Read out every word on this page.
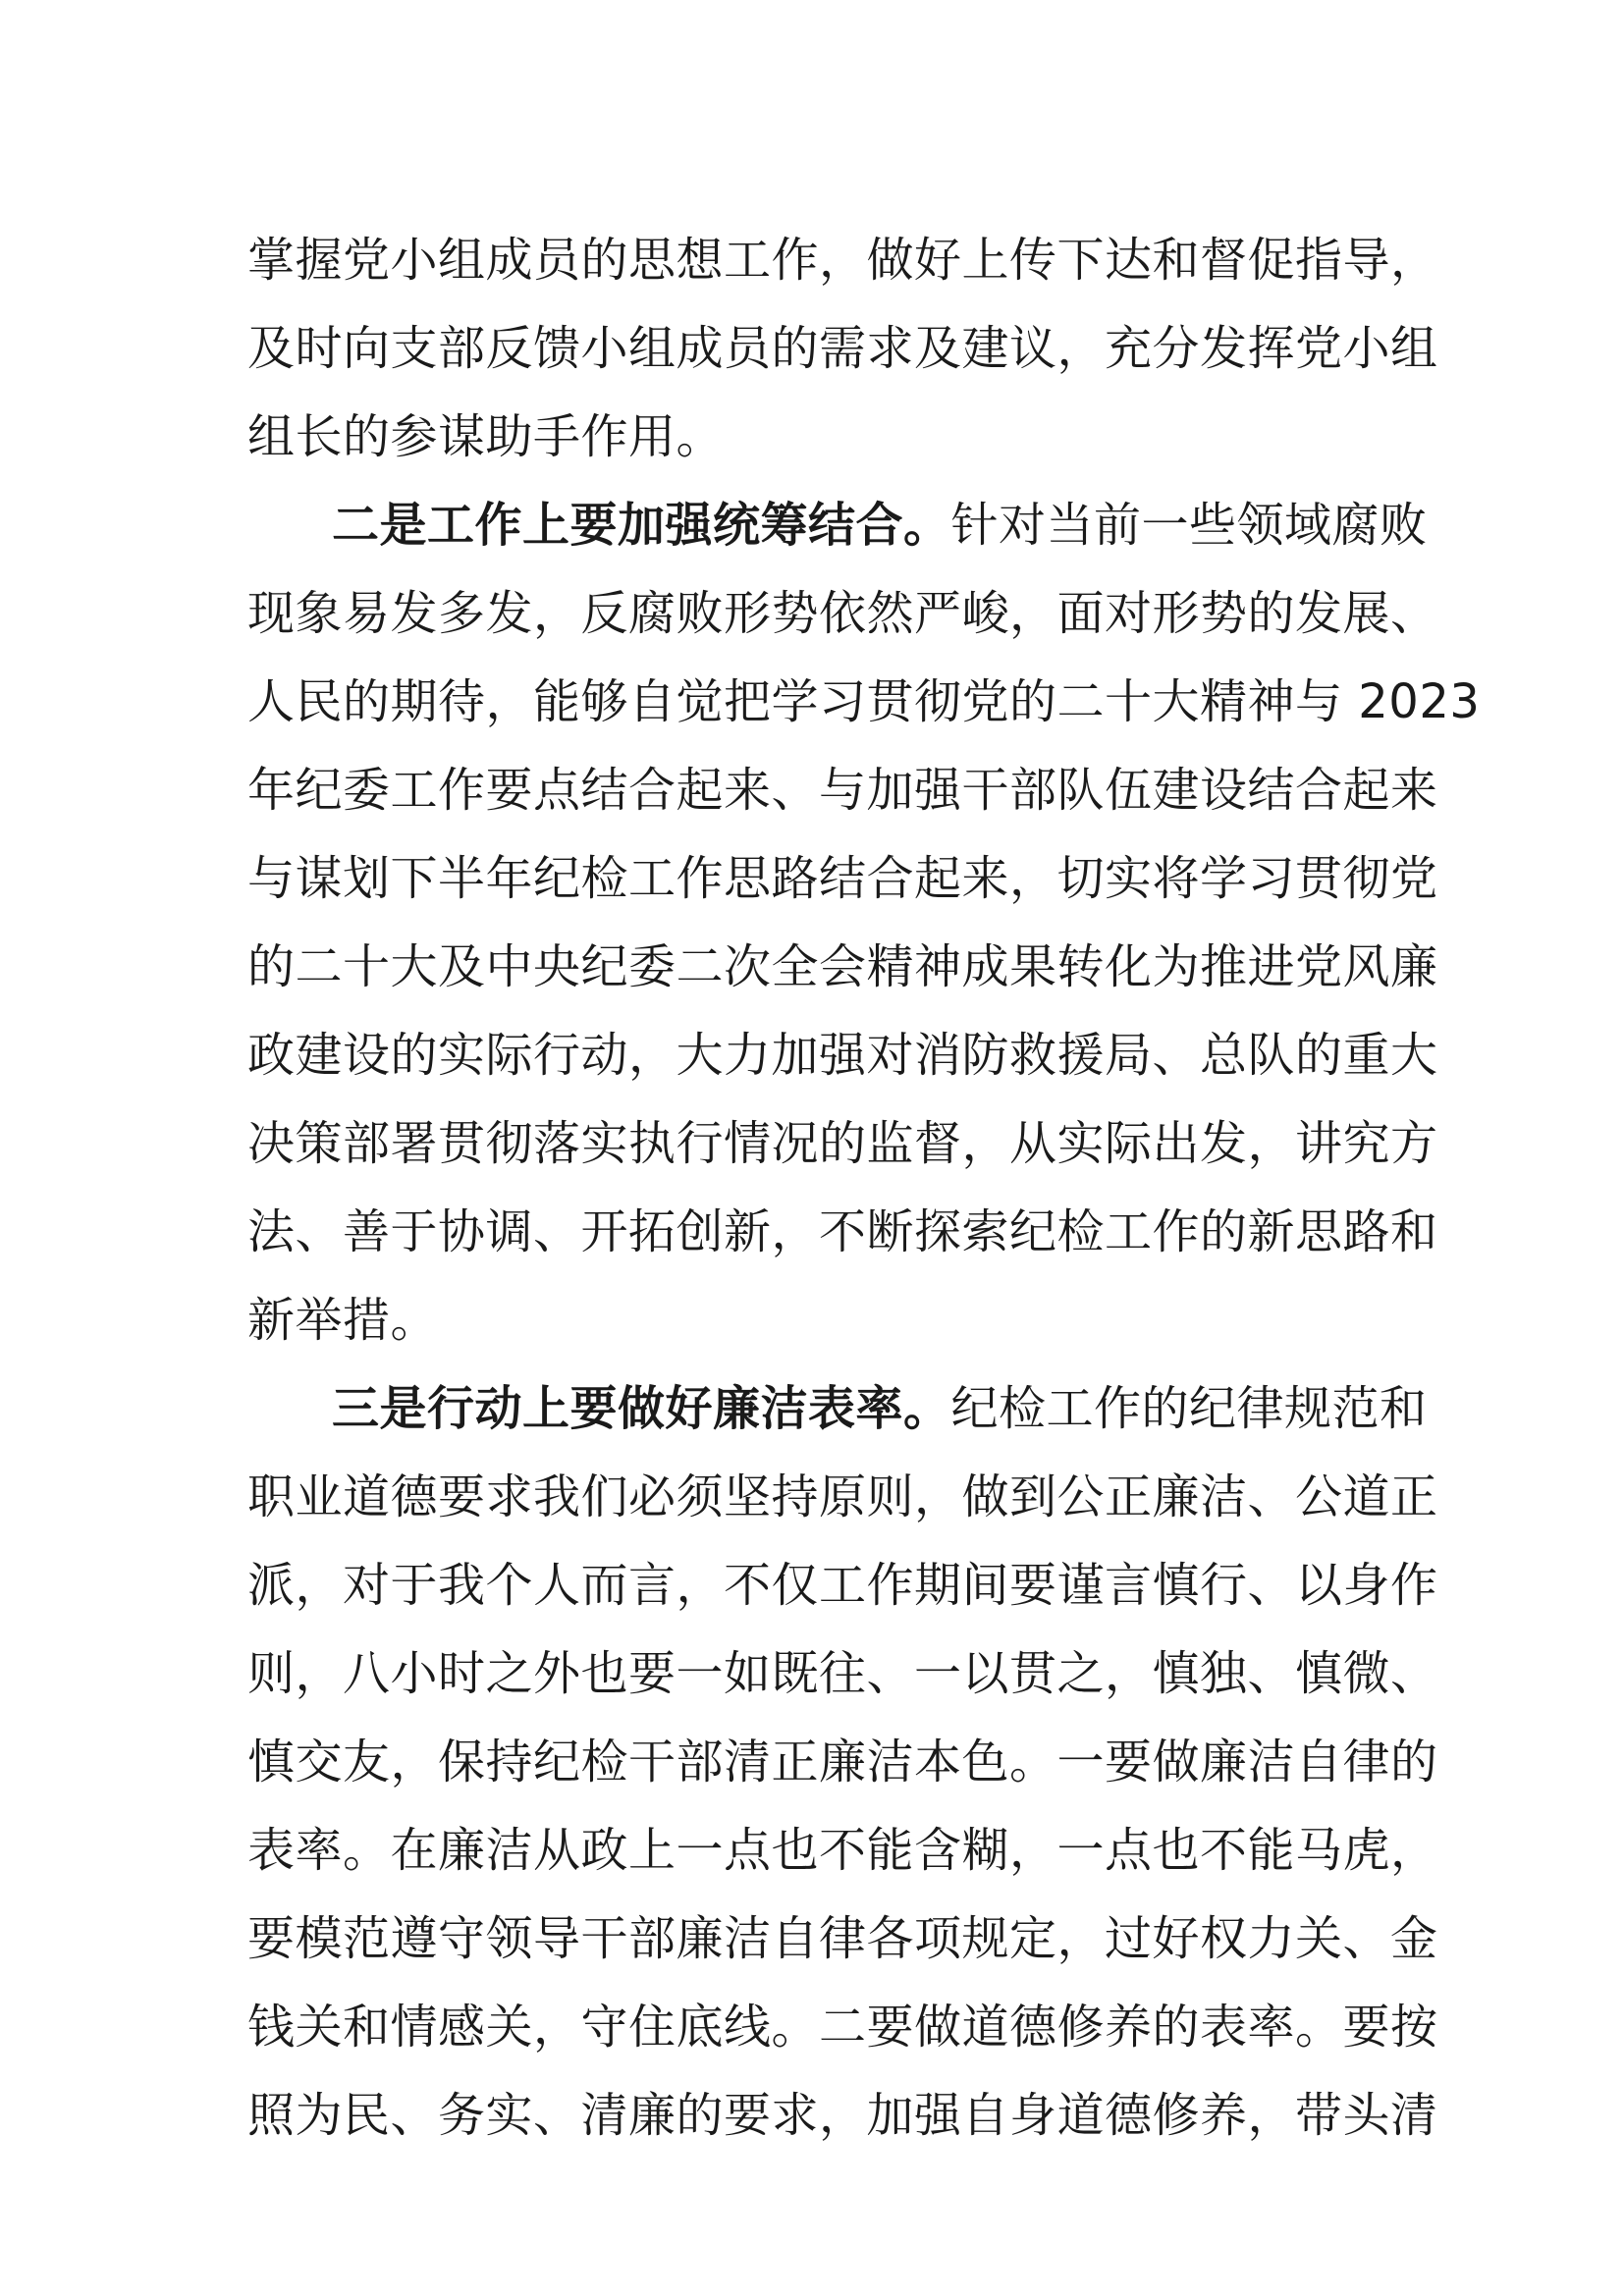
掌握党小组成员的思想工作，做好上传下达和督促指导，
及时向支部反馈小组成员的需求及建议，充分发挥党小组
组长的参谋助手作用。
二是工作上要加强统筹结合。针对当前一些领域腐败
现象易发多发，反腐败形势依然严峻，面对形势的发展、
人民的期待，能够自觉把学习贯彻党的二十大精神与 2023
年纪委工作要点结合起来、与加强干部队伍建设结合起来
与谋划下半年纪检工作思路结合起来，切实将学习贯彻党
的二十大及中央纪委二次全会精神成果转化为推进党风廉
政建设的实际行动，大力加强对消防救援局、总队的重大
决策部署贯彻落实执行情况的监督，从实际出发，讲究方
法、善于协调、开拓创新，不断探索纪检工作的新思路和
新举措。
三是行动上要做好廉洁表率。纪检工作的纪律规范和
职业道德要求我们必须坚持原则，做到公正廉洁、公道正
派，对于我个人而言，不仅工作期间要谨言慎行、以身作
则，八小时之外也要一如既往、一以贯之，慎独、慎微、
慎交友，保持纪检干部清正廉洁本色。一要做廉洁自律的
表率。在廉洁从政上一点也不能含糊，一点也不能马虎，
要模范遵守领导干部廉洁自律各项规定，过好权力关、金
钱关和情感关，守住底线。二要做道德修养的表率。要按
照为民、务实、清廉的要求，加强自身道德修养，带头清
